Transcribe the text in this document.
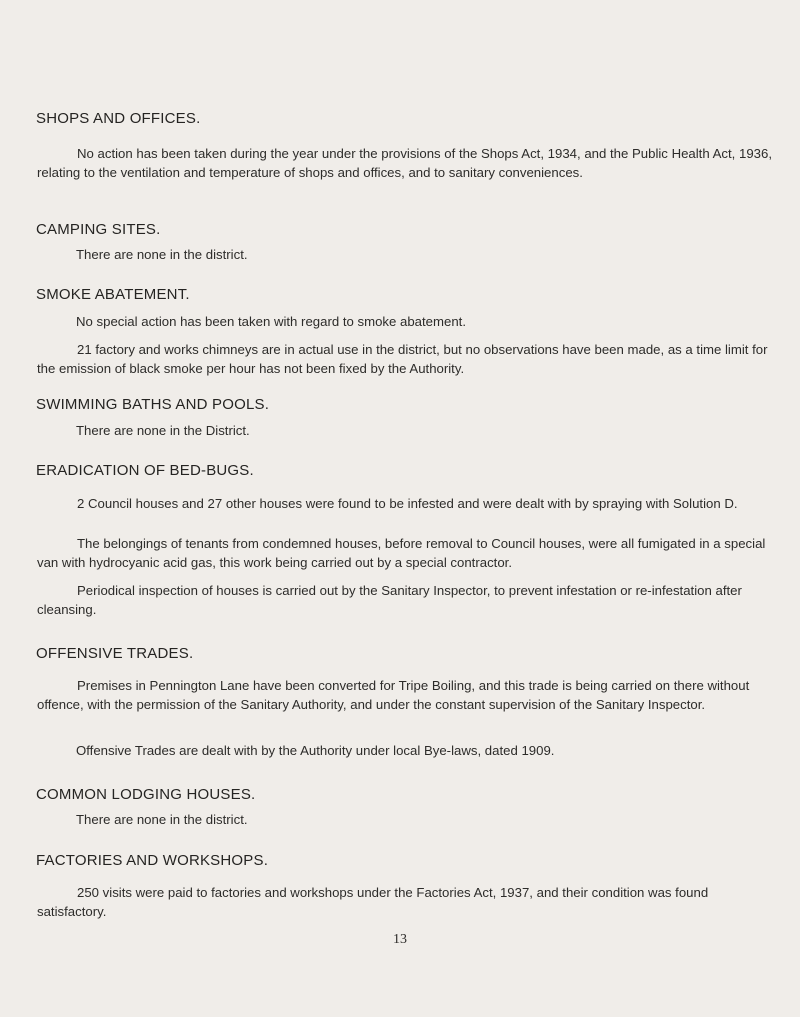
SHOPS AND OFFICES.
No action has been taken during the year under the provisions of the Shops Act, 1934, and the Public Health Act, 1936, relating to the ventilation and temperature of shops and offices, and to sanitary conveniences.
CAMPING SITES.
There are none in the district.
SMOKE ABATEMENT.
No special action has been taken with regard to smoke abatement.
21 factory and works chimneys are in actual use in the district, but no observations have been made, as a time limit for the emission of black smoke per hour has not been fixed by the Authority.
SWIMMING BATHS AND POOLS.
There are none in the District.
ERADICATION OF BED-BUGS.
2 Council houses and 27 other houses were found to be infested and were dealt with by spraying with Solution D.
The belongings of tenants from condemned houses, before removal to Council houses, were all fumigated in a special van with hydrocyanic acid gas, this work being carried out by a special contractor.
Periodical inspection of houses is carried out by the Sanitary Inspector, to prevent infestation or re-infestation after cleansing.
OFFENSIVE TRADES.
Premises in Pennington Lane have been converted for Tripe Boiling, and this trade is being carried on there without offence, with the permission of the Sanitary Authority, and under the constant supervision of the Sanitary Inspector.
Offensive Trades are dealt with by the Authority under local Bye-laws, dated 1909.
COMMON LODGING HOUSES.
There are none in the district.
FACTORIES AND WORKSHOPS.
250 visits were paid to factories and workshops under the Factories Act, 1937, and their condition was found satisfactory.
13
